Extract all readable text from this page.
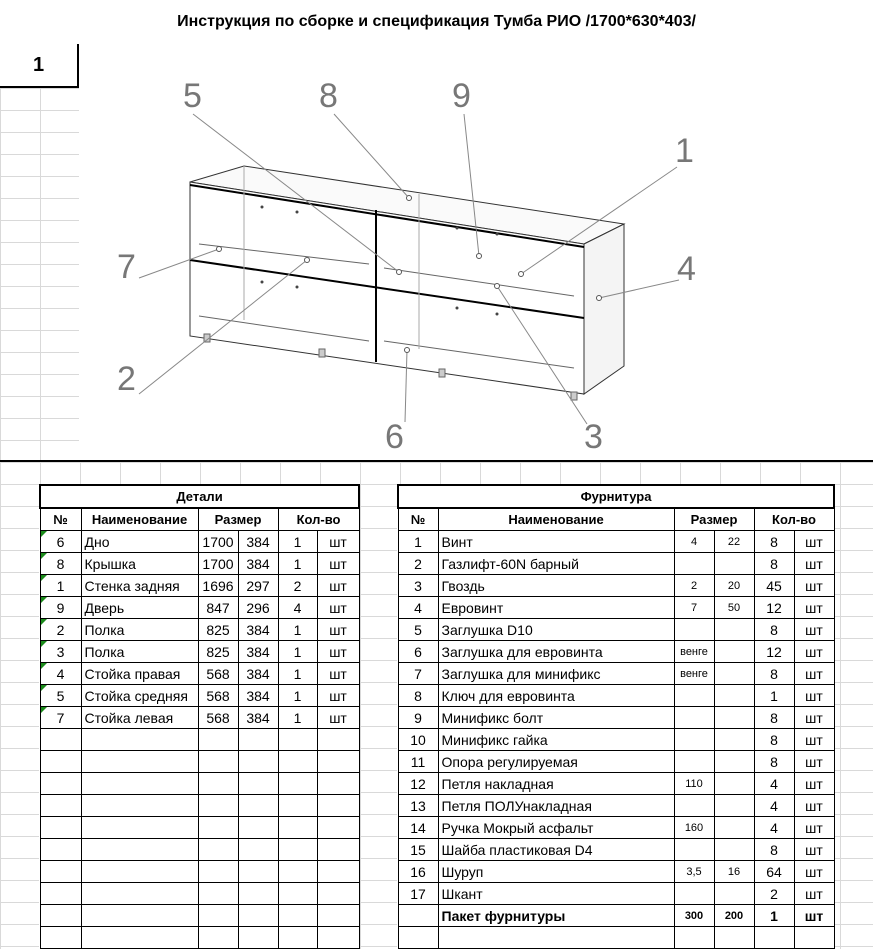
Инструкция по сборке и спецификация Тумба РИО /1700*630*403/
1
5	8	9
1
7	4
2
6	3
Детали					
№	Наименование	Размер		Кол-во	
6	Дно	1700	384	1	шт
8	Крышка	1700	384	1	шт
1	Стенка задняя	1696	297	2	шт
9	Дверь	847	296	4	шт
2	Полка	825	384	1	шт
3	Полка	825	384	1	шт
4	Стойка правая	568	384	1	шт
5	Стойка средняя	568	384	1	шт
7	Стойка левая	568	384	1	шт

Фурнитура					
№	Наименование	Размер		Кол-во	
1	Винт	4	22	8	шт
2	Газлифт-60N барный			8	шт
3	Гвоздь	2	20	45	шт
4	Евровинт	7	50	12	шт
5	Заглушка D10			8	шт
6	Заглушка для евровинта	венге		12	шт
7	Заглушка для минификс	венге		8	шт
8	Ключ для евровинта			1	шт
9	Минификс болт			8	шт
10	Минификс гайка			8	шт
11	Опора регулируемая			8	шт
12	Петля накладная	110		4	шт
13	Петля ПОЛУнакладная			4	шт
14	Ручка Мокрый асфальт	160		4	шт
15	Шайба пластиковая D4			8	шт
16	Шуруп	3,5	16	64	шт
17	Шкант			2	шт
	Пакет фурнитуры	300	200	1	шт
